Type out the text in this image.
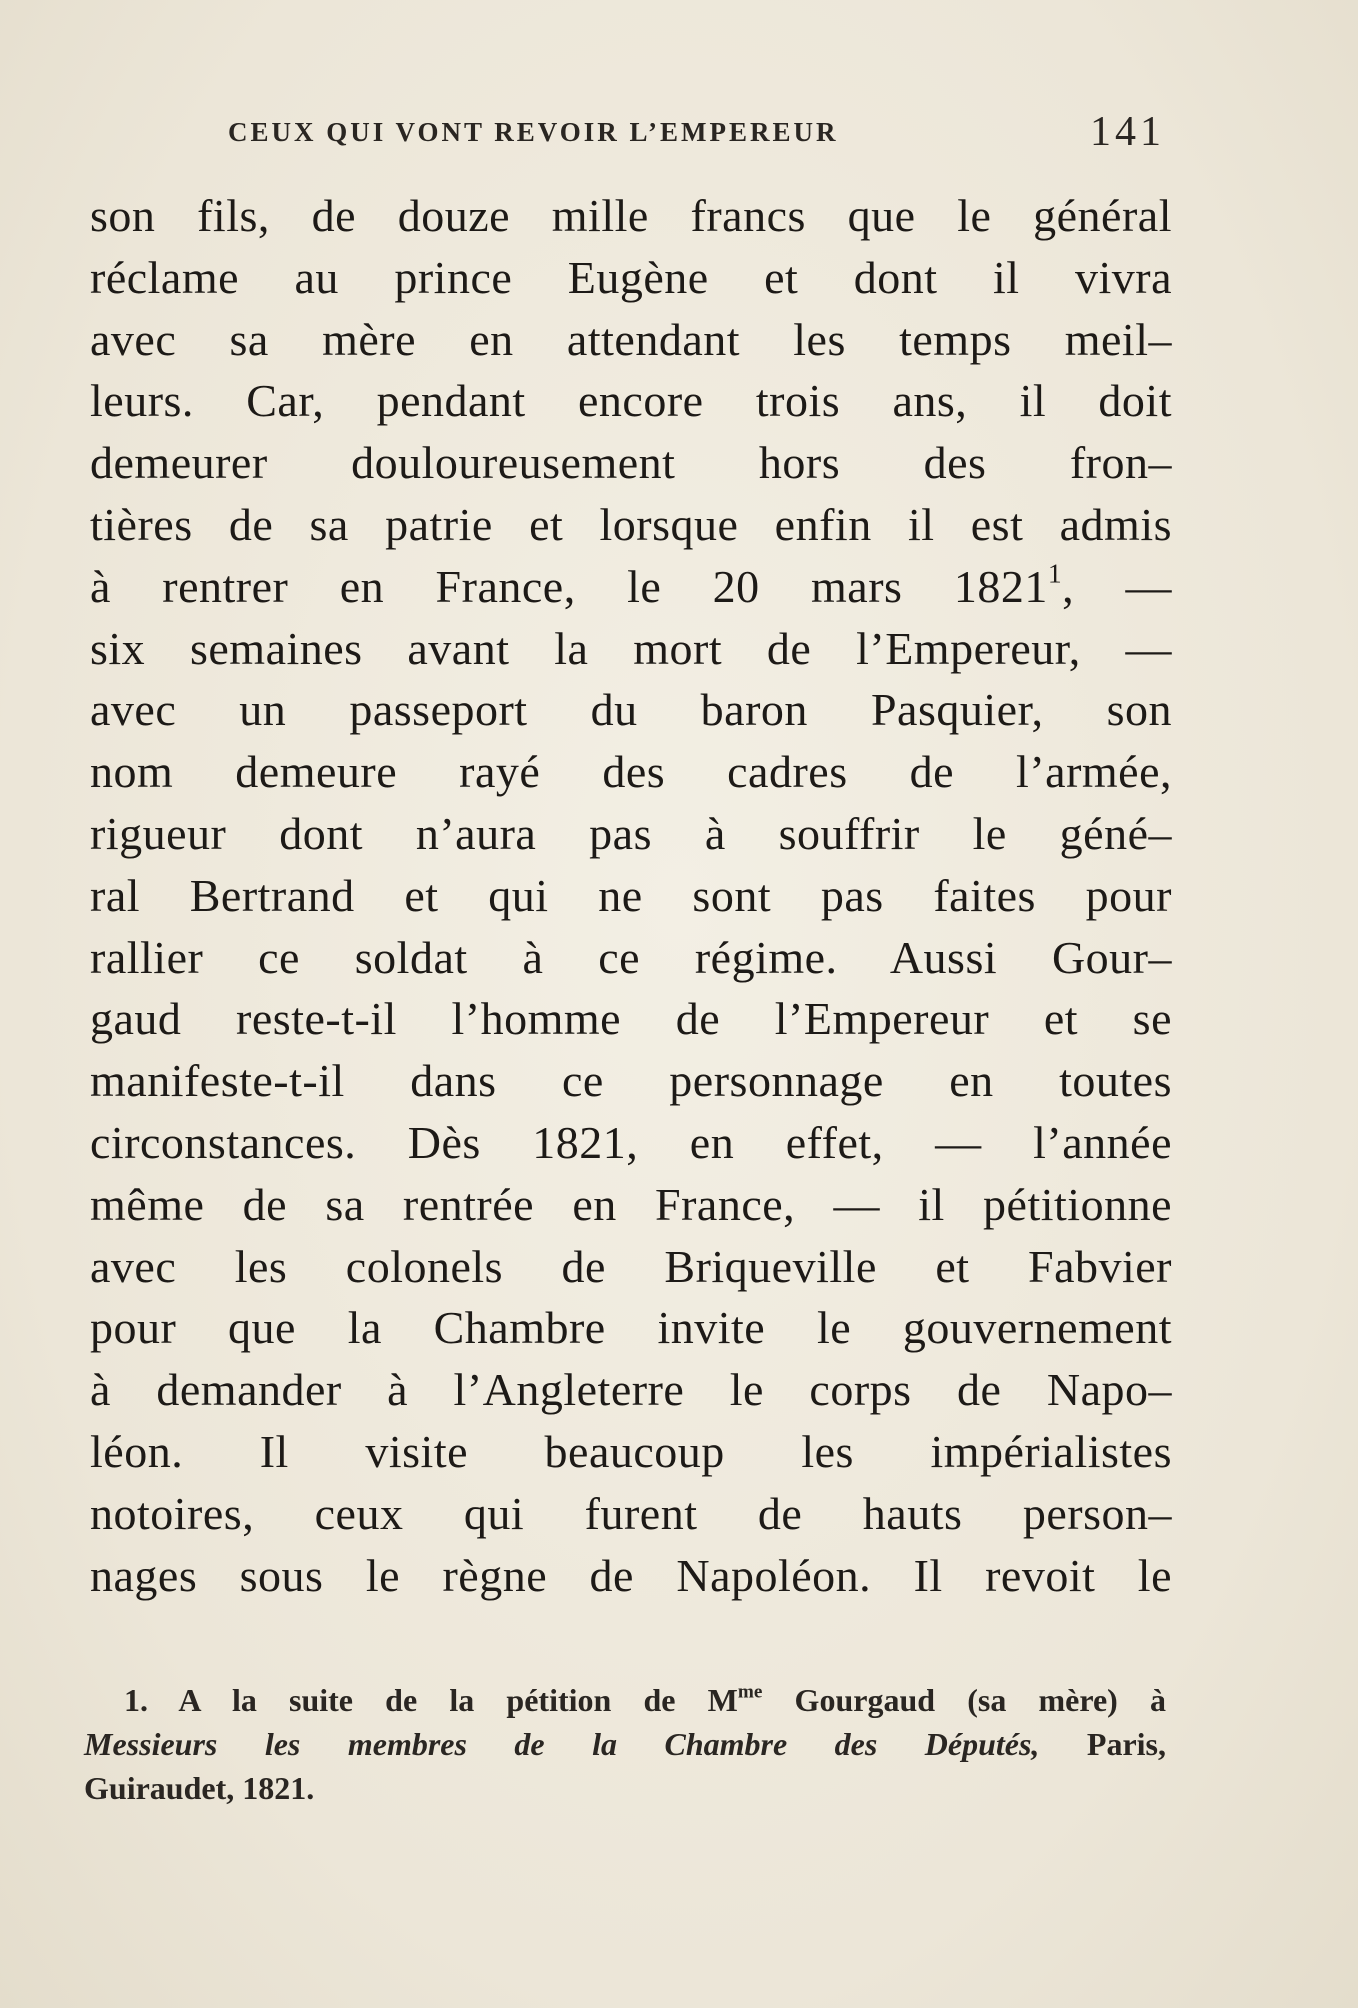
CEUX QUI VONT REVOIR L’EMPEREUR	141
son fils, de douze mille francs que le général
réclame au prince Eugène et dont il vivra
avec sa mère en attendant les temps meil–
leurs. Car, pendant encore trois ans, il doit
demeurer douloureusement hors des fron–
tières de sa patrie et lorsque enfin il est admis
à rentrer en France, le 20 mars 1821$^1$, —
six semaines avant la mort de l’Empereur, —
avec un passeport du baron Pasquier, son
nom demeure rayé des cadres de l’armée,
rigueur dont n’aura pas à souffrir le géné–
ral Bertrand et qui ne sont pas faites pour
rallier ce soldat à ce régime. Aussi Gour–
gaud reste-t-il l’homme de l’Empereur et se
manifeste-t-il dans ce personnage en toutes
circonstances. Dès 1821, en effet, — l’année
même de sa rentrée en France, — il pétitionne
avec les colonels de Briqueville et Fabvier
pour que la Chambre invite le gouvernement
à demander à l’Angleterre le corps de Napo–
léon. Il visite beaucoup les impérialistes
notoires, ceux qui furent de hauts person–
nages sous le règne de Napoléon. Il revoit le
1. A la suite de la pétition de $M^{me}$ Gourgaud (sa mère) à
Messieurs les membres de la Chambre des Députés, Paris,
Guiraudet, 1821.
